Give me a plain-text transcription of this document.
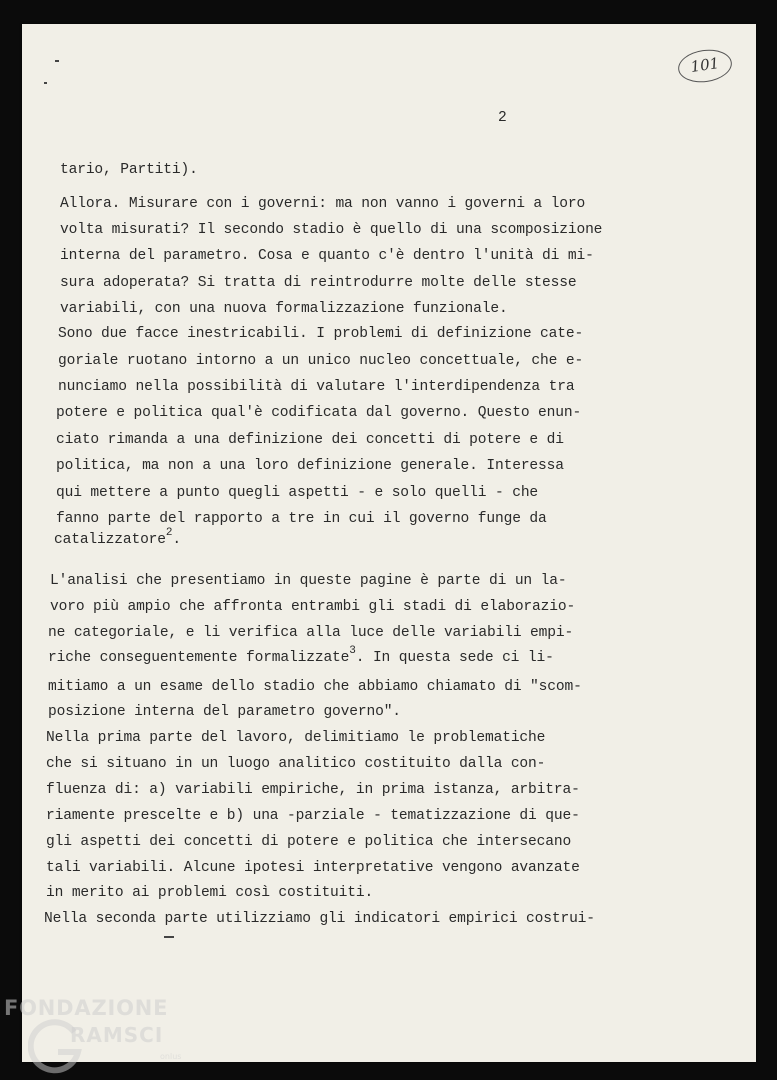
101
2
tario, Partiti).
Allora. Misurare con i governi: ma non vanno i governi a loro
volta misurati? Il secondo stadio è quello di una scomposizione
interna del parametro. Cosa e quanto c'è dentro l'unità di mi-
sura adoperata? Si tratta di reintrodurre molte delle stesse
variabili, con una nuova formalizzazione funzionale.
Sono due facce inestricabili. I problemi di definizione cate-
goriale ruotano intorno a un unico nucleo concettuale, che e-
nunciamo nella possibilità di valutare l'interdipendenza tra
potere e politica qual'è codificata dal governo. Questo enun-
ciato rimanda a una definizione dei concetti di potere e di
politica, ma non a una loro definizione generale. Interessa
qui mettere a punto quegli aspetti - e solo quelli - che
fanno parte del rapporto a tre in cui il governo funge da
catalizzatore$^2$.
L'analisi che presentiamo in queste pagine è parte di un la-
voro più ampio che affronta entrambi gli stadi di elaborazio-
ne categoriale, e li verifica alla luce delle variabili empi-
riche conseguentemente formalizzate$^3$. In questa sede ci li-
mitiamo a un esame dello stadio che abbiamo chiamato di "scom-
posizione interna del parametro governo".
Nella prima parte del lavoro, delimitiamo le problematiche
che si situano in un luogo analitico costituito dalla con-
fluenza di: a) variabili empiriche, in prima istanza, arbitra-
riamente prescelte e b) una -parziale - tematizzazione di que-
gli aspetti dei concetti di potere e politica che intersecano
tali variabili. Alcune ipotesi interpretative vengono avanzate
in merito ai problemi così costituiti.
Nella seconda parte utilizziamo gli indicatori empirici costrui-
FONDAZIONE
RAMSCI
onlus
